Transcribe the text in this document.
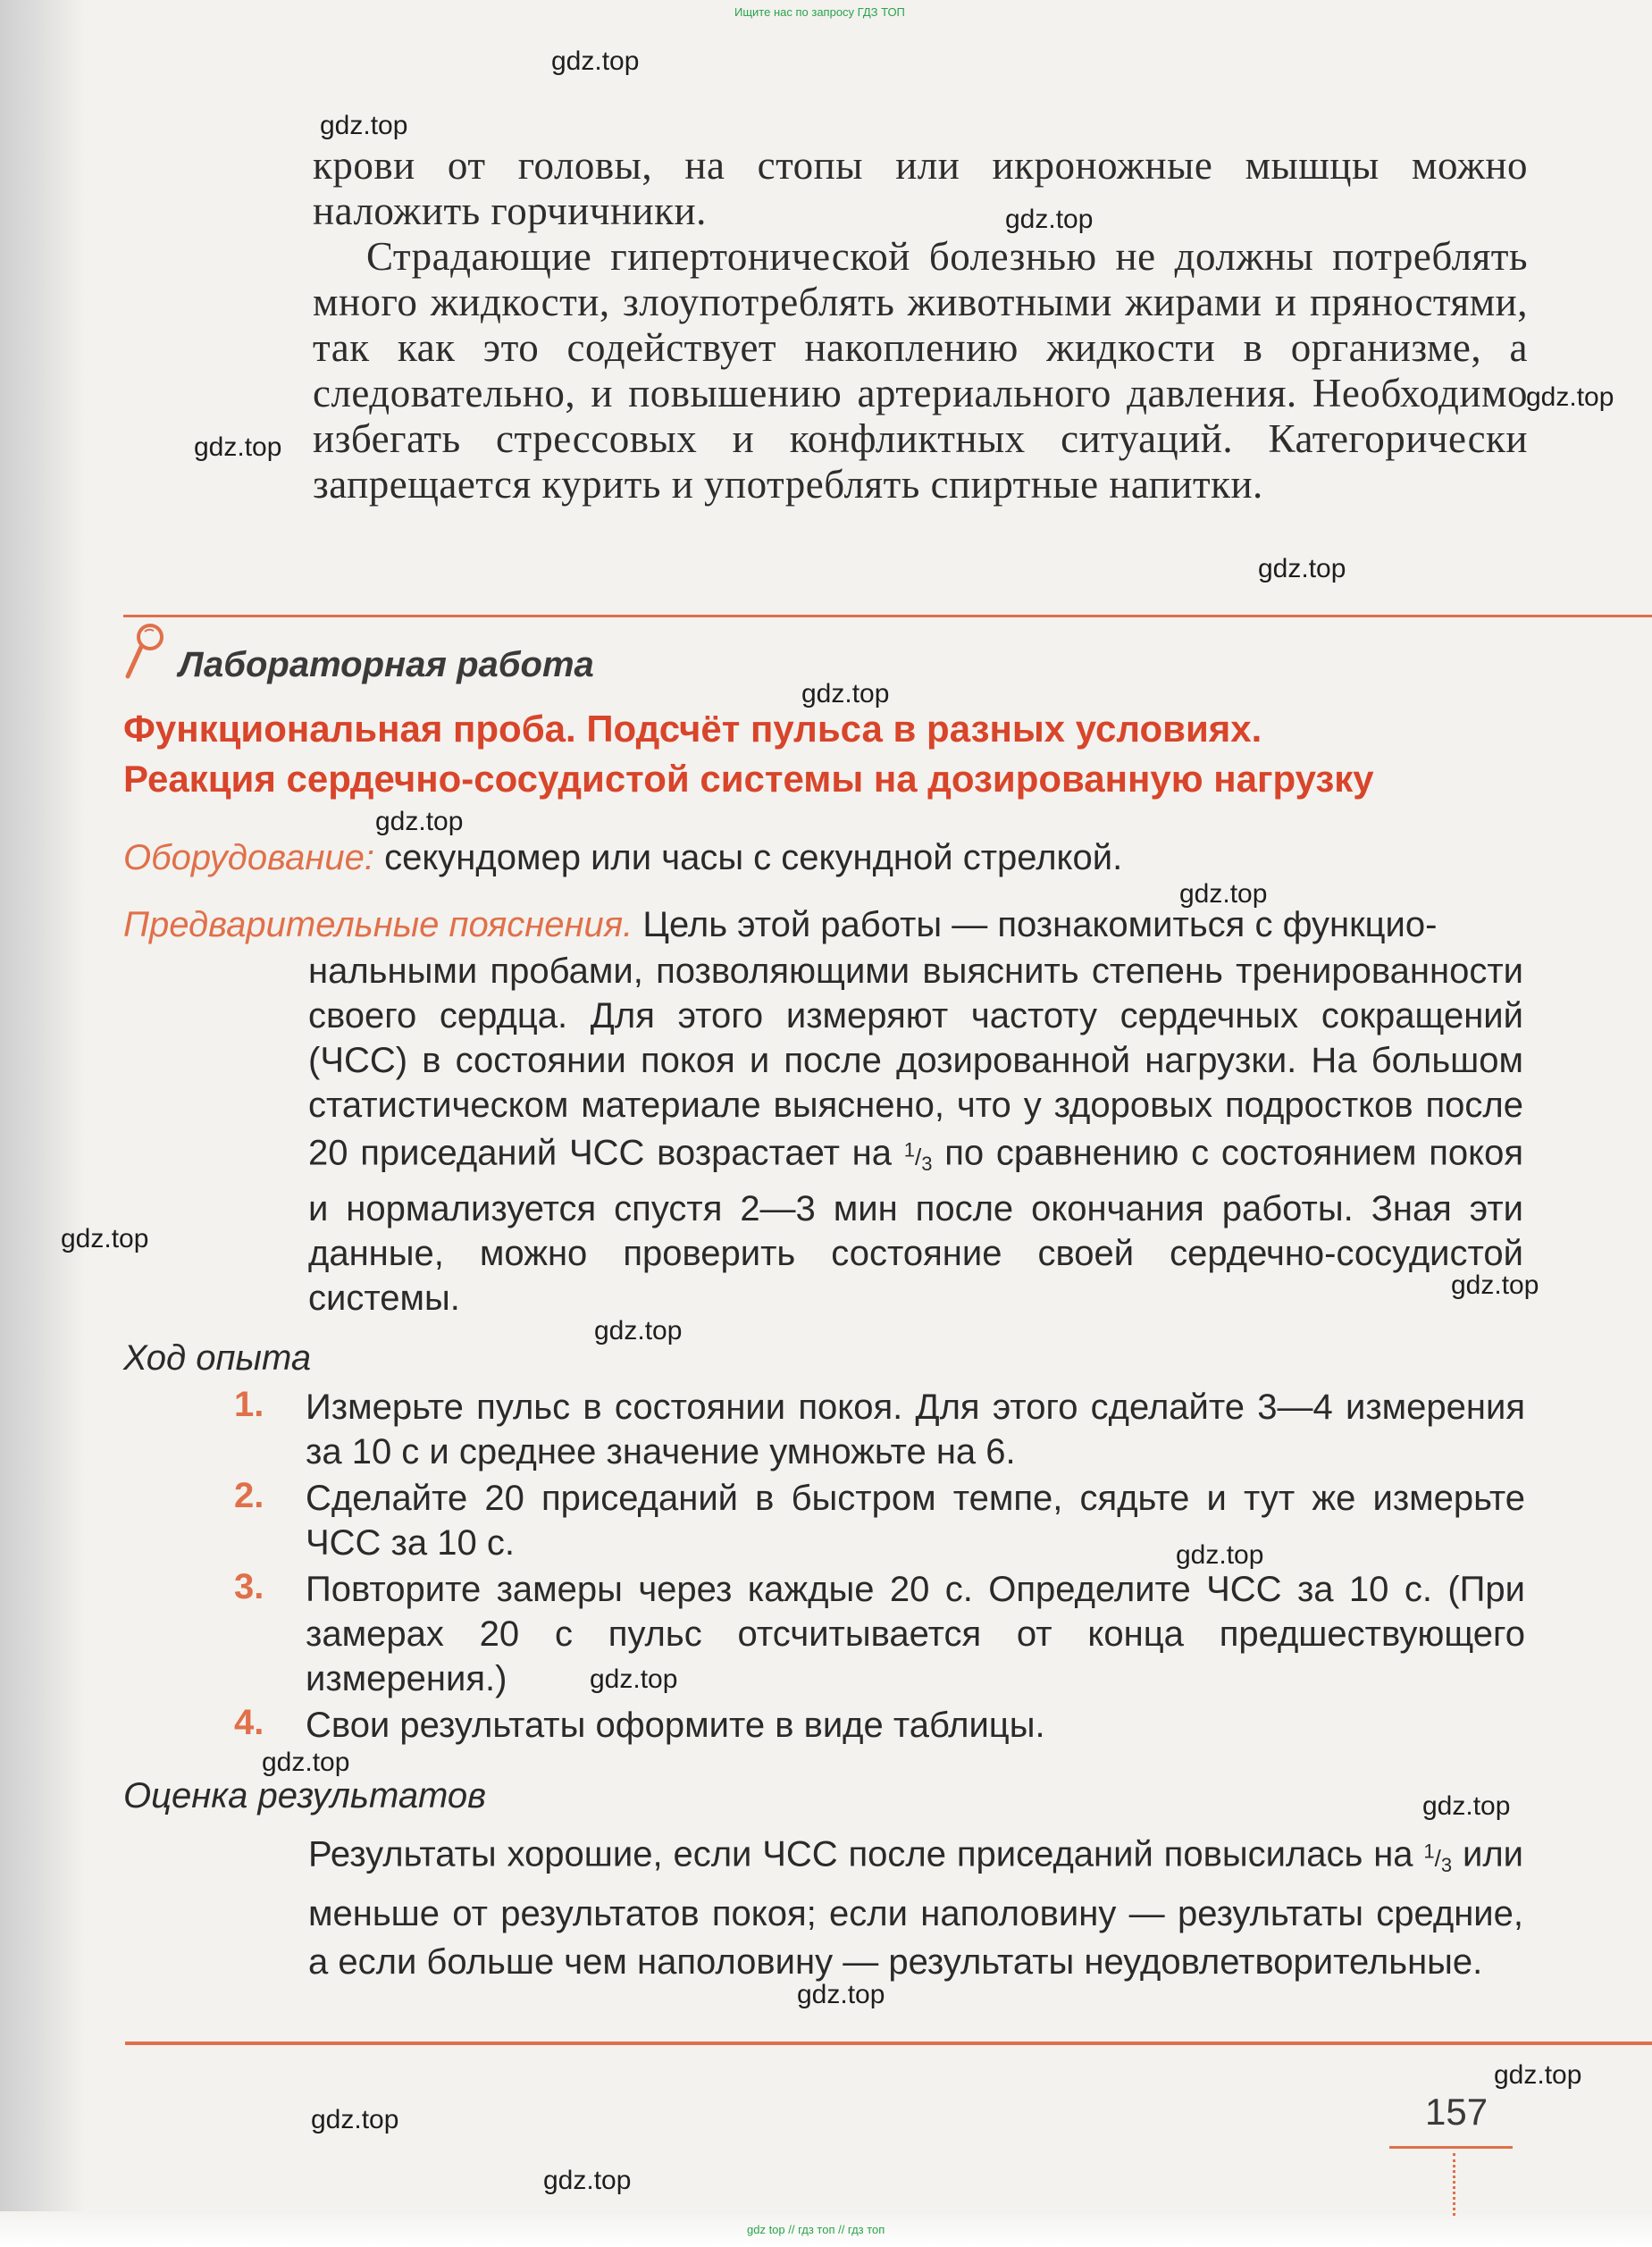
Ищите нас по запросу ГДЗ ТОП
gdz.top
gdz.top
gdz.top
gdz.top
gdz.top
gdz.top
gdz.top
gdz.top
gdz.top
gdz.top
gdz.top
gdz.top
gdz.top
gdz.top
gdz.top
gdz.top
gdz.top
gdz.top
gdz.top
gdz.top

крови от головы, на стопы или икроножные мышцы можно наложить горчичники.

Страдающие гипертонической болезнью не должны потреблять много жидкости, злоупотреблять животными жирами и пряностями, так как это содействует накоплению жидкости в организме, а следовательно, и повышению артериального давления. Необходимо избегать стрессовых и конфликтных ситуаций. Категорически запрещается курить и употреблять спиртные напитки.

Лабораторная работа
Функциональная проба. Подсчёт пульса в разных условиях.
Реакция сердечно-сосудистой системы на дозированную нагрузку
Оборудование: секундомер или часы с секундной стрелкой.
Предварительные пояснения. Цель этой работы — познакомиться с функцио-
нальными пробами, позволяющими выяснить степень тренированности своего сердца. Для этого измеряют частоту сердечных сокращений (ЧСС) в состоянии покоя и после дозированной нагрузки. На большом статистическом материале выяснено, что у здоровых подростков после 20 приседаний ЧСС возрастает на $^1/_3$ по сравнению с состоянием покоя и нормализуется спустя 2—3 мин после окончания работы. Зная эти данные, можно проверить состояние своей сердечно-сосудистой системы.
Ход опыта
1. Измерьте пульс в состоянии покоя. Для этого сделайте 3—4 измерения за 10 с и среднее значение умножьте на 6.
2. Сделайте 20 приседаний в быстром темпе, сядьте и тут же измерьте ЧСС за 10 с.
3. Повторите замеры через каждые 20 с. Определите ЧСС за 10 с. (При замерах 20 с пульс отсчитывается от конца предшествующего измерения.)
4. Свои результаты оформите в виде таблицы.
Оценка результатов
Результаты хорошие, если ЧСС после приседаний повысилась на $^1/_3$ или меньше от результатов покоя; если наполовину — результаты средние, а если больше чем наполовину — результаты неудовлетворительные.
157
gdz top // гдз топ // гдз топ
